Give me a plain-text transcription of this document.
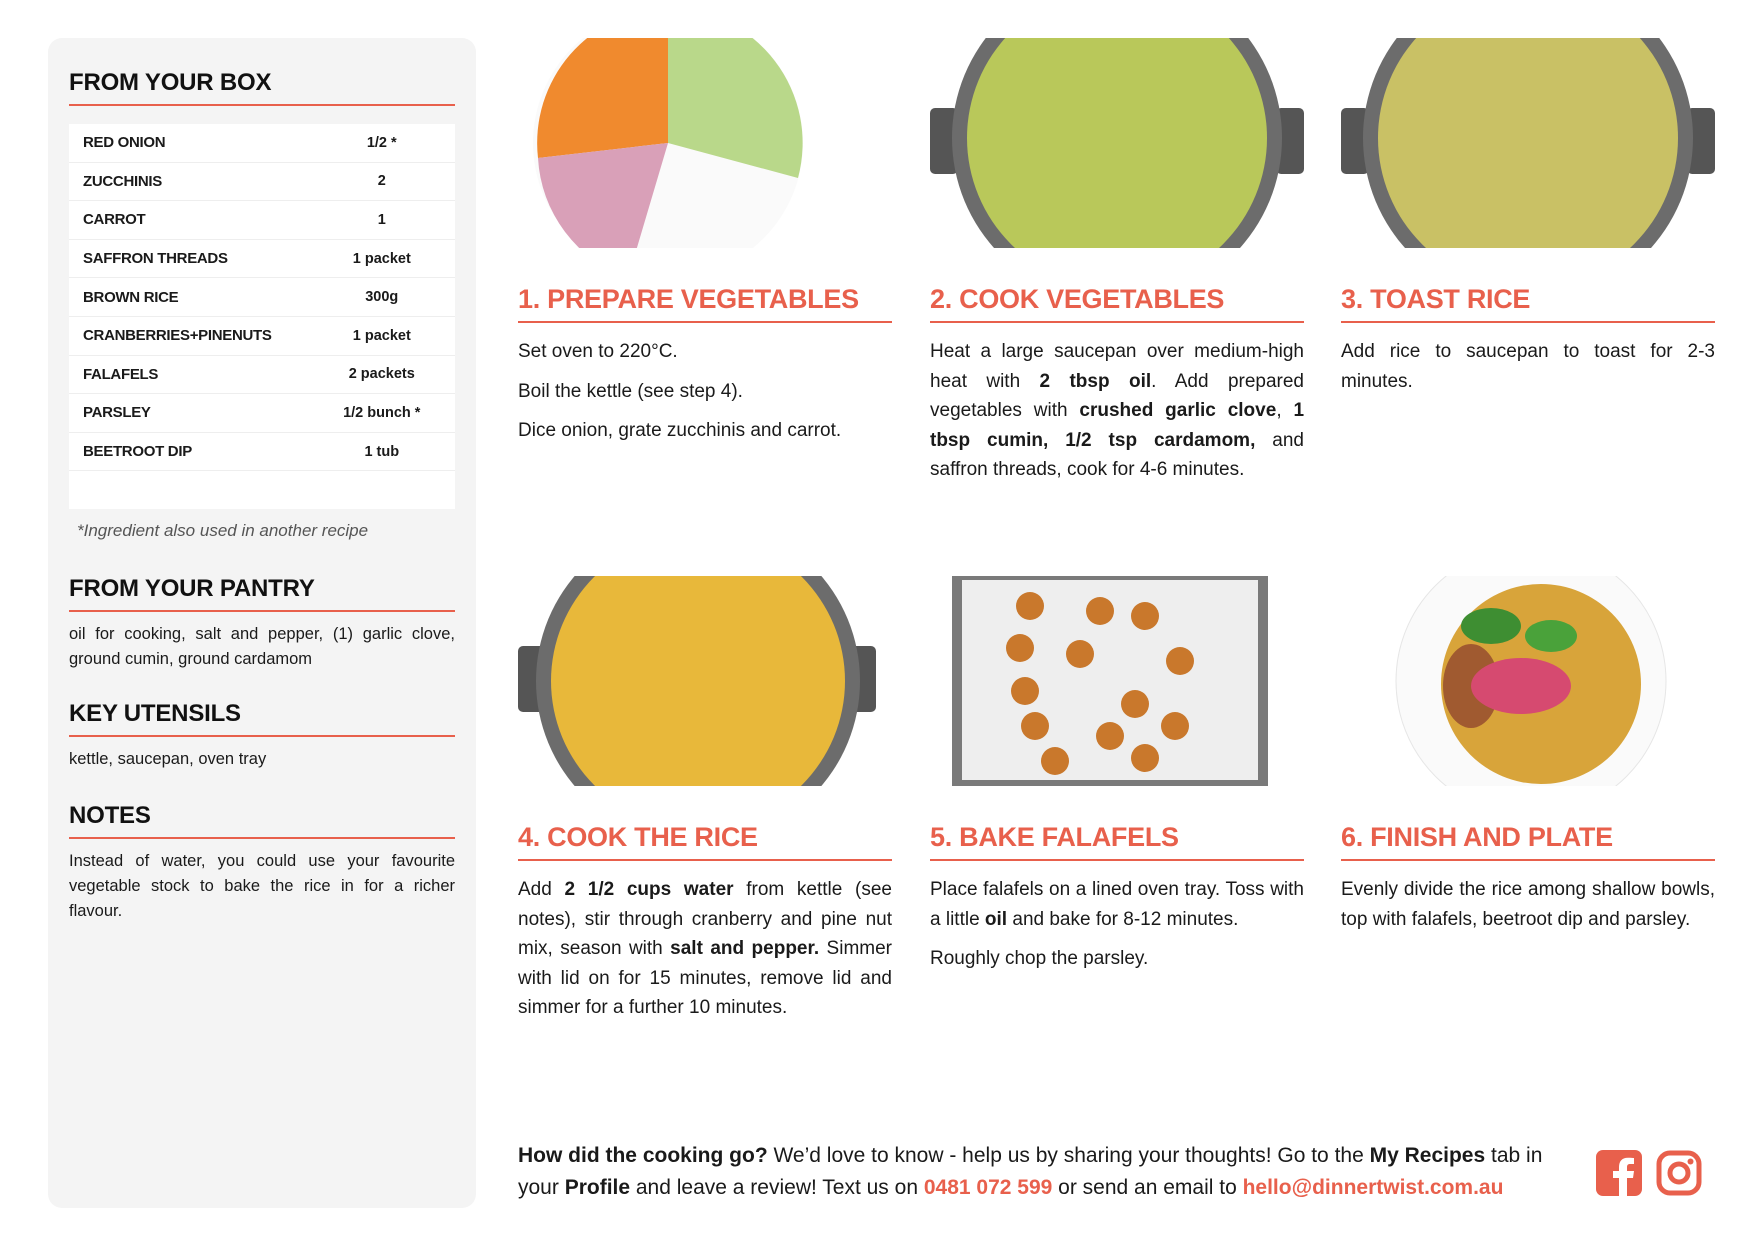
FROM YOUR BOX
RED ONION	1/2 *
ZUCCHINIS	2
CARROT	1
SAFFRON THREADS	1 packet
BROWN RICE	300g
CRANBERRIES+PINENUTS	1 packet
FALAFELS	2 packets
PARSLEY	1/2 bunch *
BEETROOT DIP	1 tub
*Ingredient also used in another recipe
FROM YOUR PANTRY
oil for cooking, salt and pepper, (1) garlic clove, ground cumin, ground cardamom
KEY UTENSILS
kettle, saucepan, oven tray
NOTES
Instead of water, you could use your favourite vegetable stock to bake the rice in for a richer flavour.
1. PREPARE VEGETABLES

Set oven to 220°C.

Boil the kettle (see step 4).

Dice onion, grate zucchinis and carrot.

2. COOK VEGETABLES

Heat a large saucepan over medium-high heat with 2 tbsp oil. Add prepared vegetables with crushed garlic clove, 1 tbsp cumin, 1/2 tsp cardamom, and saffron threads, cook for 4-6 minutes.

3. TOAST RICE

Add rice to saucepan to toast for 2-3 minutes.

4. COOK THE RICE

Add 2 1/2 cups water from kettle (see notes), stir through cranberry and pine nut mix, season with salt and pepper. Simmer with lid on for 15 minutes, remove lid and simmer for a further 10 minutes.

5. BAKE FALAFELS

Place falafels on a lined oven tray. Toss with a little oil and bake for 8-12 minutes.

Roughly chop the parsley.

6. FINISH AND PLATE

Evenly divide the rice among shallow bowls, top with falafels, beetroot dip and parsley.

How did the cooking go? We’d love to know - help us by sharing your thoughts! Go to the My Recipes tab in your Profile and leave a review! Text us on 0481 072 599 or send an email to hello@dinnertwist.com.au
